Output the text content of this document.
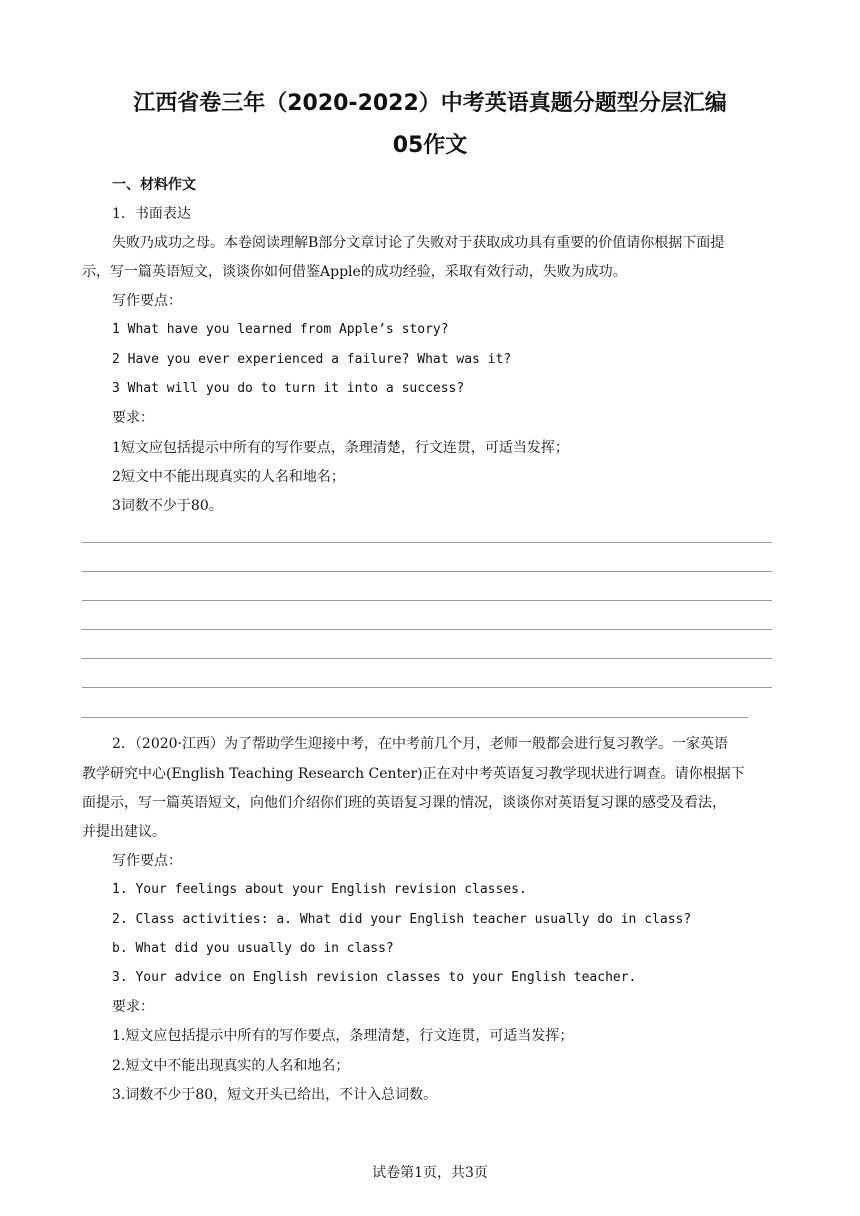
江西省卷三年（2020-2022）中考英语真题分题型分层汇编
05作文
一、材料作文
1．书面表达
失败乃成功之母。本卷阅读理解B部分文章讨论了失败对于获取成功具有重要的价值请你根据下面提
示，写一篇英语短文，谈谈你如何借鉴Apple的成功经验，采取有效行动，失败为成功。
写作要点：
1 What have you learned from Apple’s story?
2 Have you ever experienced a failure? What was it?
3 What will you do to turn it into a success?
要求：
1短文应包括提示中所有的写作要点，条理清楚，行文连贯，可适当发挥；
2短文中不能出现真实的人名和地名；
3词数不少于80。
2．（2020·江西）为了帮助学生迎接中考，在中考前几个月，老师一般都会进行复习教学。一家英语
教学研究中心(English Teaching Research Center)正在对中考英语复习教学现状进行调查。请你根据下
面提示，写一篇英语短文，向他们介绍你们班的英语复习课的情况，谈谈你对英语复习课的感受及看法，
并提出建议。
写作要点：
1. Your feelings about your English revision classes.
2. Class activities: a. What did your English teacher usually do in class?
b. What did you usually do in class?
3. Your advice on English revision classes to your English teacher.
要求：
1.短文应包括提示中所有的写作要点，条理清楚，行文连贯，可适当发挥；
2.短文中不能出现真实的人名和地名；
3.词数不少于80，短文开头已给出，不计入总词数。
试卷第1页，共3页
